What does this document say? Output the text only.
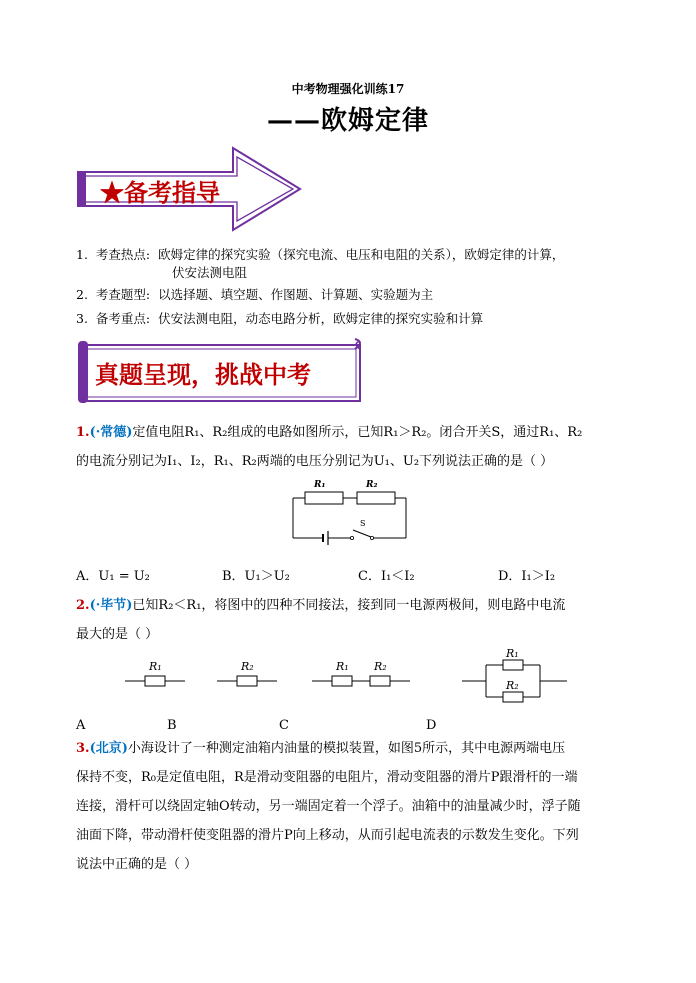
中考物理强化训练17
——欧姆定律
★备考指导
1. 考查热点: 欧姆定律的探究实验（探究电流、电压和电阻的关系），欧姆定律的计算，
伏安法测电阻
2. 考查题型: 以选择题、填空题、作图题、计算题、实验题为主
3. 备考重点: 伏安法测电阻，动态电路分析，欧姆定律的探究实验和计算
真题呈现，挑战中考
1.(·常德)定值电阻R₁、R₂组成的电路如图所示，已知R₁＞R₂。闭合开关S，通过R₁、R₂
的电流分别记为I₁、I₂，R₁、R₂两端的电压分别记为U₁、U₂下列说法正确的是（ ）
R₁	R₂
S
A．U₁ = U₂	B．U₁＞U₂	C．I₁＜I₂	D．I₁＞I₂
2.(·毕节)已知R₂＜R₁，将图中的四种不同接法，接到同一电源两极间，则电路中电流
最大的是（ ）
R₁	R₂	R₁ R₂
R₁
R₂
A	B	C	D
3.(北京)小海设计了一种测定油箱内油量的模拟装置，如图5所示，其中电源两端电压
保持不变，R₀是定值电阻，R是滑动变阻器的电阻片，滑动变阻器的滑片P跟滑杆的一端
连接，滑杆可以绕固定轴O转动，另一端固定着一个浮子。油箱中的油量减少时，浮子随
油面下降，带动滑杆使变阻器的滑片P向上移动，从而引起电流表的示数发生变化。下列
说法中正确的是（ ）
